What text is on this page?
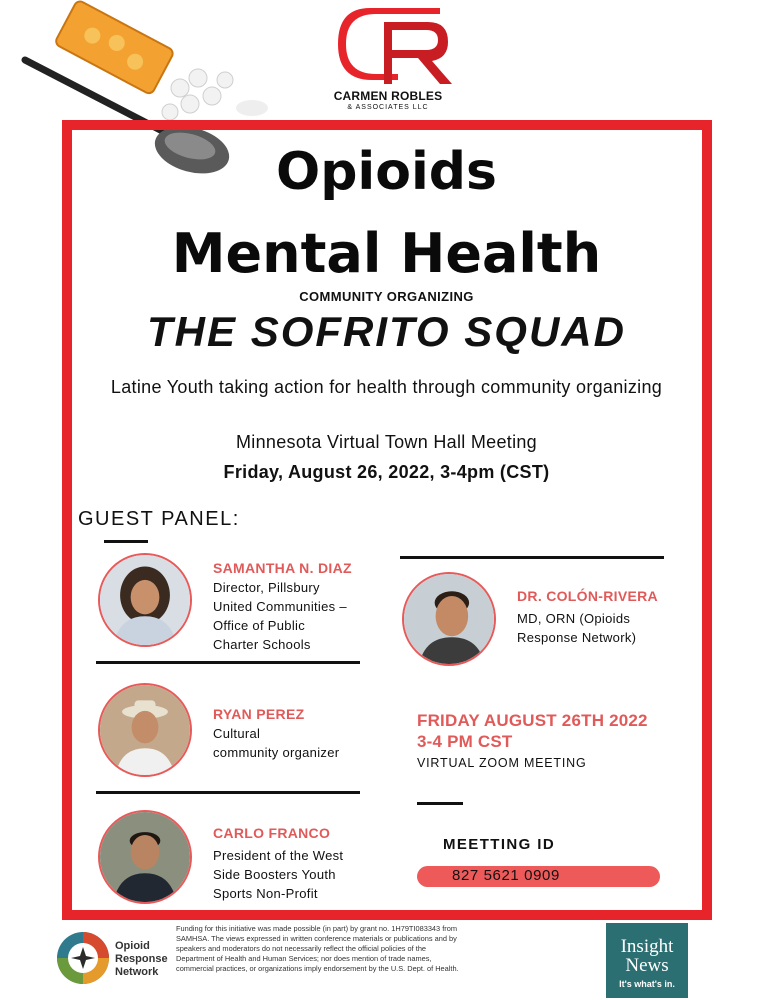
CARMEN ROBLES
& ASSOCIATES LLC
Opioids
Mental Health
COMMUNITY ORGANIZING
THE SOFRITO SQUAD
Latine Youth taking action for health through community organizing
Minnesota Virtual Town Hall Meeting
Friday, August 26, 2022, 3-4pm (CST)
GUEST PANEL:
SAMANTHA N. DIAZ
Director, Pillsbury
United Communities –
Office of Public
Charter Schools
DR. COLÓN-RIVERA
MD, ORN (Opioids
Response Network)
RYAN PEREZ
Cultural
community organizer
CARLO FRANCO
President of the West
Side Boosters Youth
Sports Non-Profit
FRIDAY AUGUST 26TH 2022
3-4 PM CST
VIRTUAL ZOOM MEETING
MEETTING ID
827 5621 0909
Opioid
Response
Network
Funding for this initiative was made possible (in part) by grant no. 1H79TI083343 from SAMHSA. The views expressed in written conference materials or publications and by speakers and moderators do not necessarily reflect the official policies of the Department of Health and Human Services; nor does mention of trade names, commercial practices, or organizations imply endorsement by the U.S. Dept. of Health.
Insight
News
It's what's in.
